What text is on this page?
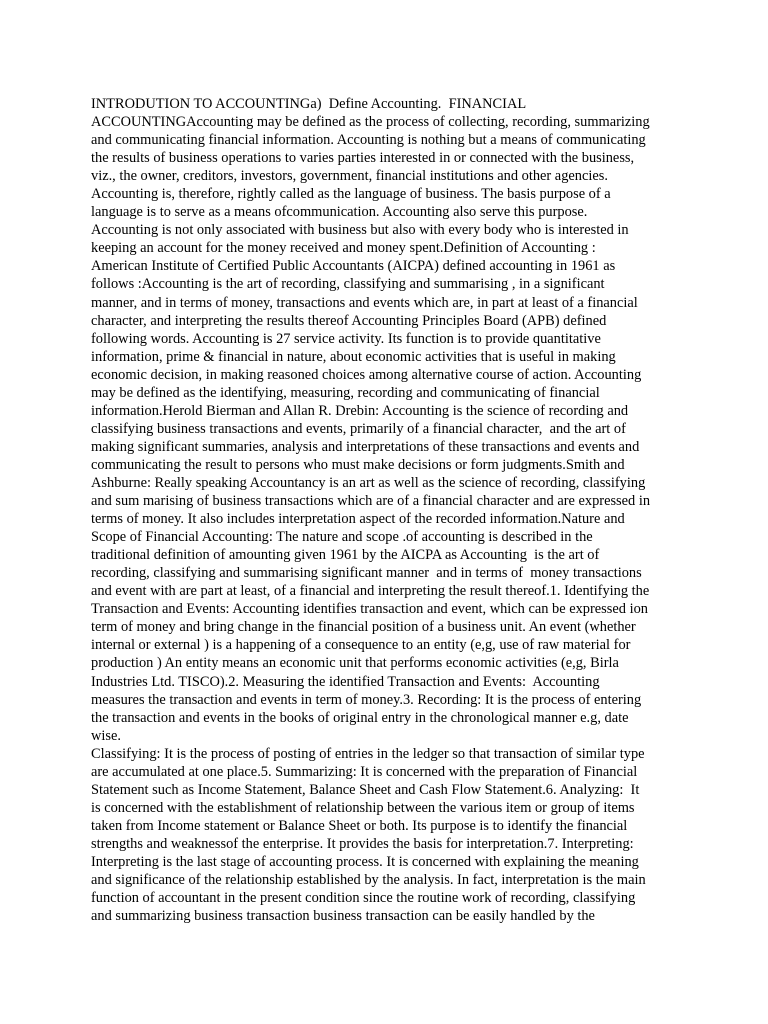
INTRODUTION TO ACCOUNTINGa)  Define Accounting.  FINANCIAL
ACCOUNTINGAccounting may be defined as the process of collecting, recording, summarizing
and communicating financial information. Accounting is nothing but a means of communicating
the results of business operations to varies parties interested in or connected with the business,
viz., the owner, creditors, investors, government, financial institutions and other agencies.
Accounting is, therefore, rightly called as the language of business. The basis purpose of a
language is to serve as a means ofcommunication. Accounting also serve this purpose.
Accounting is not only associated with business but also with every body who is interested in
keeping an account for the money received and money spent.Definition of Accounting :
American Institute of Certified Public Accountants (AICPA) defined accounting in 1961 as
follows :Accounting is the art of recording, classifying and summarising , in a significant
manner, and in terms of money, transactions and events which are, in part at least of a financial
character, and interpreting the results thereof Accounting Principles Board (APB) defined
following words. Accounting is 27 service activity. Its function is to provide quantitative
information, prime & financial in nature, about economic activities that is useful in making
economic decision, in making reasoned choices among alternative course of action. Accounting
may be defined as the identifying, measuring, recording and communicating of financial
information.Herold Bierman and Allan R. Drebin: Accounting is the science of recording and
classifying business transactions and events, primarily of a financial character,  and the art of
making significant summaries, analysis and interpretations of these transactions and events and
communicating the result to persons who must make decisions or form judgments.Smith and
Ashburne: Really speaking Accountancy is an art as well as the science of recording, classifying
and sum marising of business transactions which are of a financial character and are expressed in
terms of money. It also includes interpretation aspect of the recorded information.Nature and
Scope of Financial Accounting: The nature and scope .of accounting is described in the
traditional definition of amounting given 1961 by the AICPA as Accounting  is the art of
recording, classifying and summarising significant manner  and in terms of  money transactions
and event with are part at least, of a financial and interpreting the result thereof.1. Identifying the
Transaction and Events: Accounting identifies transaction and event, which can be expressed ion
term of money and bring change in the financial position of a business unit. An event (whether
internal or external ) is a happening of a consequence to an entity (e,g, use of raw material for
production ) An entity means an economic unit that performs economic activities (e,g, Birla
Industries Ltd. TISCO).2. Measuring the identified Transaction and Events:  Accounting
measures the transaction and events in term of money.3. Recording: It is the process of entering
the transaction and events in the books of original entry in the chronological manner e.g, date
wise.
Classifying: It is the process of posting of entries in the ledger so that transaction of similar type
are accumulated at one place.5. Summarizing: It is concerned with the preparation of Financial
Statement such as Income Statement, Balance Sheet and Cash Flow Statement.6. Analyzing:  It
is concerned with the establishment of relationship between the various item or group of items
taken from Income statement or Balance Sheet or both. Its purpose is to identify the financial
strengths and weaknessof the enterprise. It provides the basis for interpretation.7. Interpreting:
Interpreting is the last stage of accounting process. It is concerned with explaining the meaning
and significance of the relationship established by the analysis. In fact, interpretation is the main
function of accountant in the present condition since the routine work of recording, classifying
and summarizing business transaction business transaction can be easily handled by the
